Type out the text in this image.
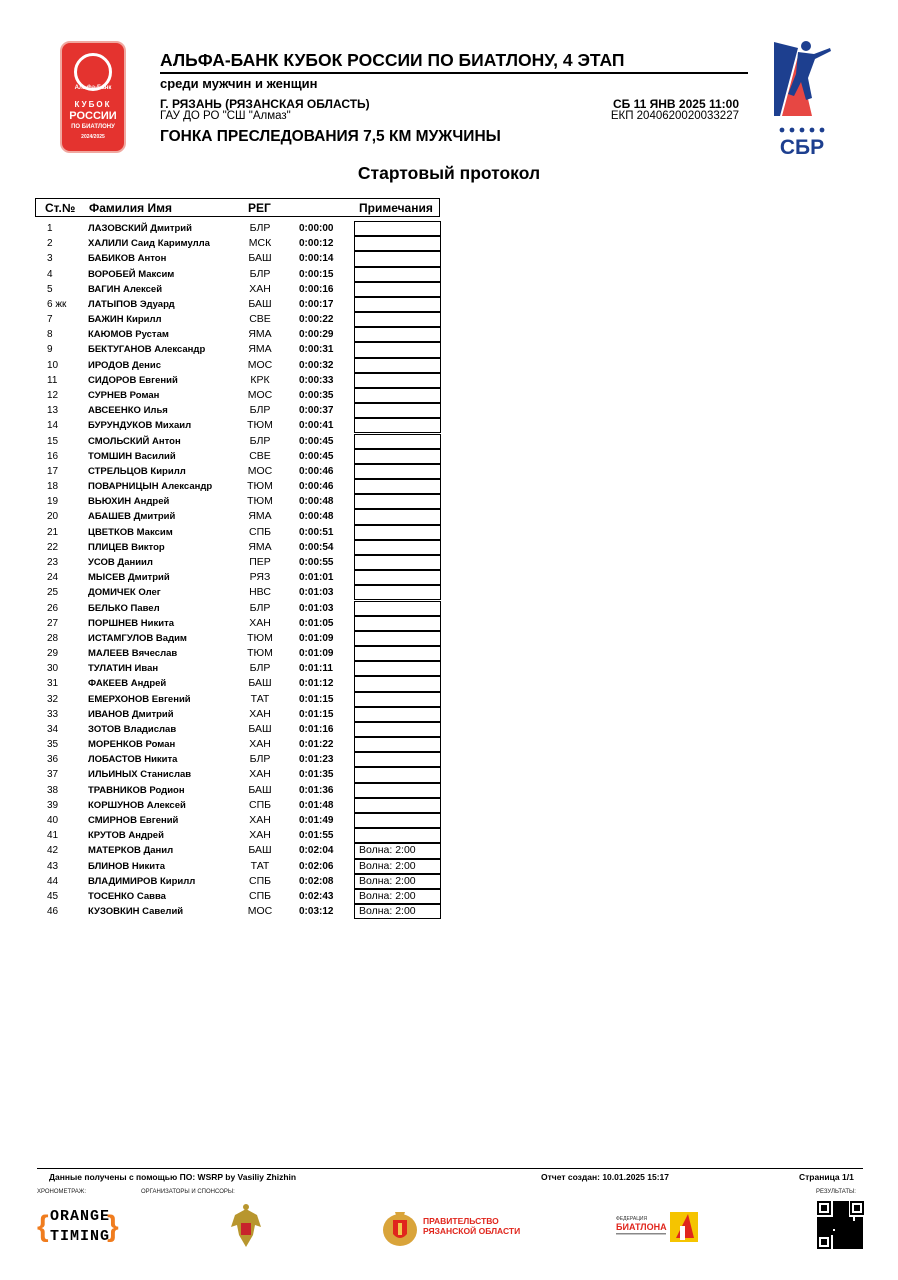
Альфа-Банк
КУБОК
РОССИИ
ПО БИАТЛОНУ
2024/2025
АЛЬФА-БАНК КУБОК РОССИИ ПО БИАТЛОНУ, 4 ЭТАП
среди мужчин и женщин
Г. РЯЗАНЬ (РЯЗАНСКАЯ ОБЛАСТЬ)
ГАУ ДО РО "СШ "Алмаз"
СБ 11 ЯНВ 2025 11:00
ЕКП 2040620020033227
ГОНКА ПРЕСЛЕДОВАНИЯ 7,5 КМ МУЖЧИНЫ	СБР
Стартовый протокол
Ст.№ Фамилия Имя	РЕГ	Примечания
1	ЛАЗОВСКИЙ Дмитрий	БЛР	0:00:00
2	ХАЛИЛИ Саид Каримулла	МСК	0:00:12
3	БАБИКОВ Антон	БАШ	0:00:14
4	ВОРОБЕЙ Максим	БЛР	0:00:15
5	ВАГИН Алексей	ХАН	0:00:16
6 жк ЛАТЫПОВ Эдуард	БАШ	0:00:17
7	БАЖИН Кирилл	СВЕ	0:00:22
8	КАЮМОВ Рустам	ЯМА	0:00:29
9	БЕКТУГАНОВ Александр	ЯМА	0:00:31
10	ИРОДОВ Денис	МОС	0:00:32
11	СИДОРОВ Евгений	КРК	0:00:33
12	СУРНЕВ Роман	МОС	0:00:35
13	АВСЕЕНКО Илья	БЛР	0:00:37
14	БУРУНДУКОВ Михаил	ТЮМ	0:00:41
15	СМОЛЬСКИЙ Антон	БЛР	0:00:45
16	ТОМШИН Василий	СВЕ	0:00:45
17	СТРЕЛЬЦОВ Кирилл	МОС	0:00:46
18	ПОВАРНИЦЫН Александр	ТЮМ	0:00:46
19	ВЬЮХИН Андрей	ТЮМ	0:00:48
20	АБАШЕВ Дмитрий	ЯМА	0:00:48
21	ЦВЕТКОВ Максим	СПБ	0:00:51
22	ПЛИЦЕВ Виктор	ЯМА	0:00:54
23	УСОВ Даниил	ПЕР	0:00:55
24	МЫСЕВ Дмитрий	РЯЗ	0:01:01
25	ДОМИЧЕК Олег	НВС	0:01:03
26	БЕЛЬКО Павел	БЛР	0:01:03
27	ПОРШНЕВ Никита	ХАН	0:01:05
28	ИСТАМГУЛОВ Вадим	ТЮМ	0:01:09
29	МАЛЕЕВ Вячеслав	ТЮМ	0:01:09
30	ТУЛАТИН Иван	БЛР	0:01:11
31	ФАКЕЕВ Андрей	БАШ	0:01:12
32	ЕМЕРХОНОВ Евгений	ТАТ	0:01:15
33	ИВАНОВ Дмитрий	ХАН	0:01:15
34	ЗОТОВ Владислав	БАШ	0:01:16
35	МОРЕНКОВ Роман	ХАН	0:01:22
36	ЛОБАСТОВ Никита	БЛР	0:01:23
37	ИЛЬИНЫХ Станислав	ХАН	0:01:35
38	ТРАВНИКОВ Родион	БАШ	0:01:36
39	КОРШУНОВ Алексей	СПБ	0:01:48
40	СМИРНОВ Евгений	ХАН	0:01:49
41	КРУТОВ Андрей	ХАН	0:01:55
42	МАТЕРКОВ Данил	БАШ	0:02:04	Волна: 2:00
43	БЛИНОВ Никита	ТАТ	0:02:06	Волна: 2:00
44	ВЛАДИМИРОВ Кирилл	СПБ	0:02:08	Волна: 2:00
45	ТОСЕНКО Савва	СПБ	0:02:43	Волна: 2:00
46	КУЗОВКИН Савелий	МОС	0:03:12	Волна: 2:00
Данные получены с помощью ПО: WSRP by Vasiliy Zhizhin	Отчет создан: 10.01.2025 15:17	Страница 1/1
ХРОНОМЕТРАЖ:	ОРГАНИЗАТОРЫ И СПОНСОРЫ:	РЕЗУЛЬТАТЫ:
{ ORANGE
TIMING
}	ПРАВИТЕЛЬСТВО
РЯЗАНСКОЙ ОБЛАСТИ
ФЕДЕРАЦИЯ
БИАТЛОНА
